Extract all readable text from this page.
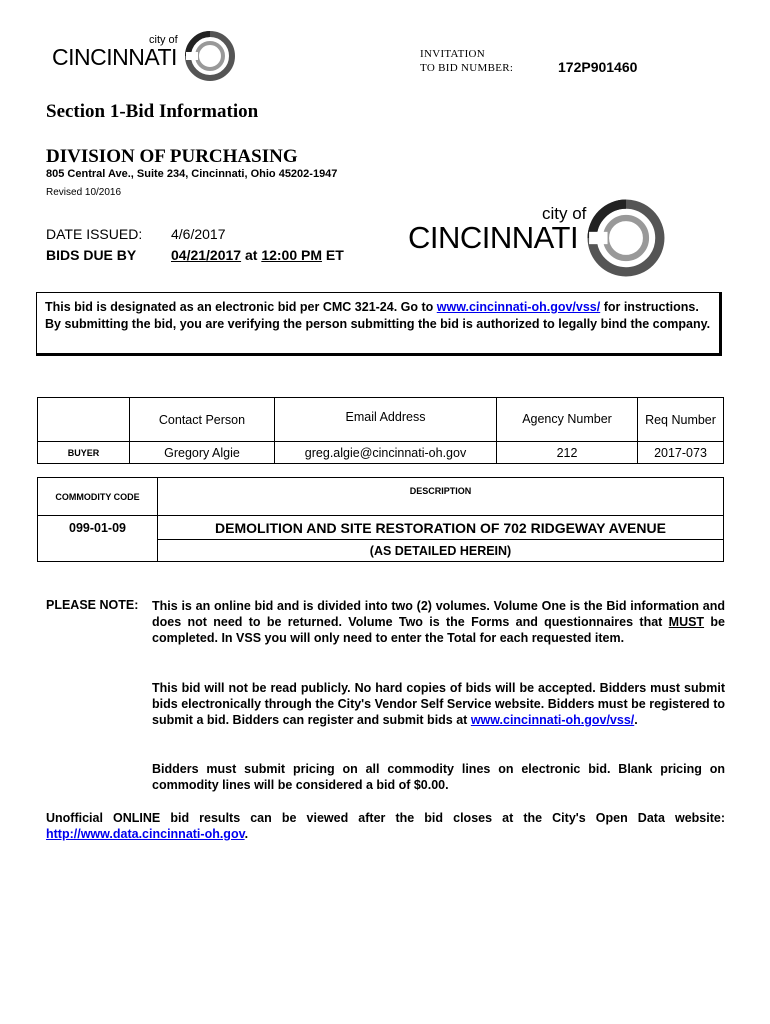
city of
CINCINNATI	INVITATION
TO BID NUMBER:	172P901460
Section 1-Bid Information
DIVISION OF PURCHASING
805 Central Ave., Suite 234, Cincinnati, Ohio 45202-1947
Revised 10/2016
DATE ISSUED: 4/6/2017
BIDS DUE BY 04/21/2017 at 12:00 PM ET
city of
CINCINNATI
This bid is designated as an electronic bid per CMC 321-24. Go to www.cincinnati-oh.gov/vss/ for instructions. By submitting the bid, you are verifying the person submitting the bid is authorized to legally bind the company.
	Contact Person	Email Address	Agency Number	Req Number
BUYER	Gregory Algie	greg.algie@cincinnati-oh.gov	212	2017-073
COMMODITY CODE	DESCRIPTION
099-01-09	DEMOLITION AND SITE RESTORATION OF 702 RIDGEWAY AVENUE
	(AS DETAILED HEREIN)
PLEASE NOTE: This is an online bid and is divided into two (2) volumes. Volume One is the Bid information and does not need to be returned. Volume Two is the Forms and questionnaires that MUST be completed. In VSS you will only need to enter the Total for each requested item.
This bid will not be read publicly. No hard copies of bids will be accepted. Bidders must submit bids electronically through the City's Vendor Self Service website. Bidders must be registered to submit a bid. Bidders can register and submit bids at www.cincinnati-oh.gov/vss/.
Bidders must submit pricing on all commodity lines on electronic bid. Blank pricing on commodity lines will be considered a bid of $0.00.
Unofficial ONLINE bid results can be viewed after the bid closes at the City's Open Data website: http://www.data.cincinnati-oh.gov.
